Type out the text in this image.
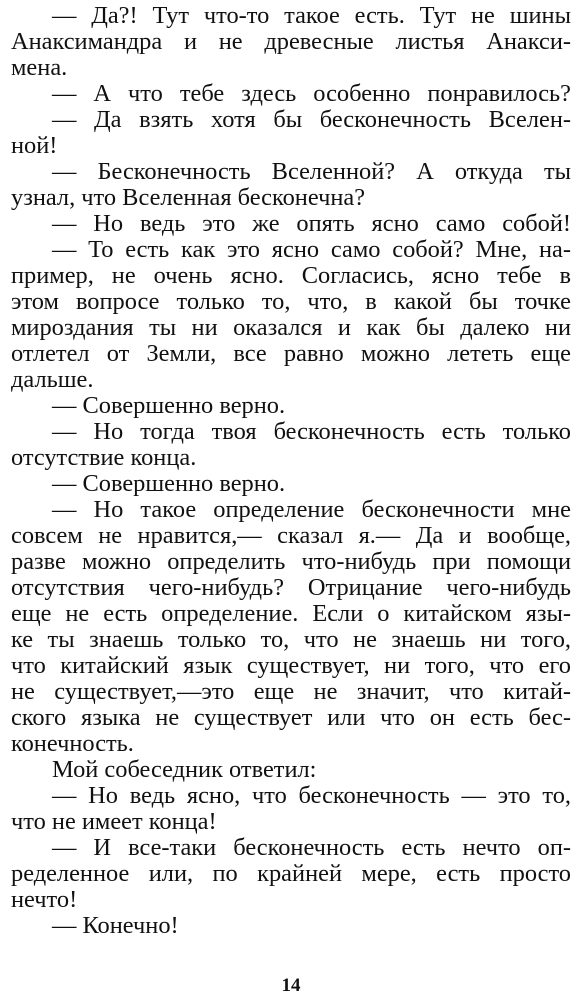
— Да?! Тут что-то такое есть. Тут не шины
Анаксимандра и не древесные листья Анакси-
мена.
— А что тебе здесь особенно понравилось?
— Да взять хотя бы бесконечность Вселен-
ной!
— Бесконечность Вселенной? А откуда ты
узнал, что Вселенная бесконечна?
— Но ведь это же опять ясно само собой!
— То есть как это ясно само собой? Мне, на-
пример, не очень ясно. Согласись, ясно тебе в
этом вопросе только то, что, в какой бы точке
мироздания ты ни оказался и как бы далеко ни
отлетел от Земли, все равно можно лететь еще
дальше.
— Совершенно верно.
— Но тогда твоя бесконечность есть только
отсутствие конца.
— Совершенно верно.
— Но такое определение бесконечности мне
совсем не нравится,— сказал я.— Да и вообще,
разве можно определить что-нибудь при помощи
отсутствия чего-нибудь? Отрицание чего-нибудь
еще не есть определение. Если о китайском язы-
ке ты знаешь только то, что не знаешь ни того,
что китайский язык существует, ни того, что его
не существует,—это еще не значит, что китай-
ского языка не существует или что он есть бес-
конечность.
Мой собеседник ответил:
— Но ведь ясно, что бесконечность — это то,
что не имеет конца!
— И все-таки бесконечность есть нечто оп-
ределенное или, по крайней мере, есть просто
нечто!
— Конечно!
14
